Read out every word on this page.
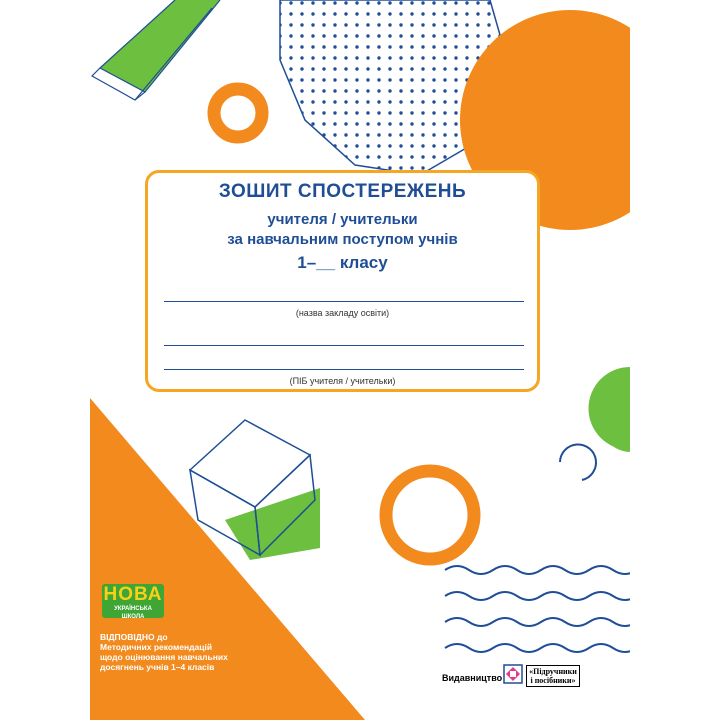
ЗОШИТ СПОСТЕРЕЖЕНЬ
учителя / учительки
за навчальним поступом учнів
1–__ класу
(назва закладу освіти)
(ПІБ учителя / учительки)
НОВА
УКРАЇНСЬКА ШКОЛА
ВІДПОВІДНО до
Методичних рекомендацій
щодо оцінювання навчальних
досягнень учнів 1–4 класів
Видавництво
«Підручники
і посібники»
